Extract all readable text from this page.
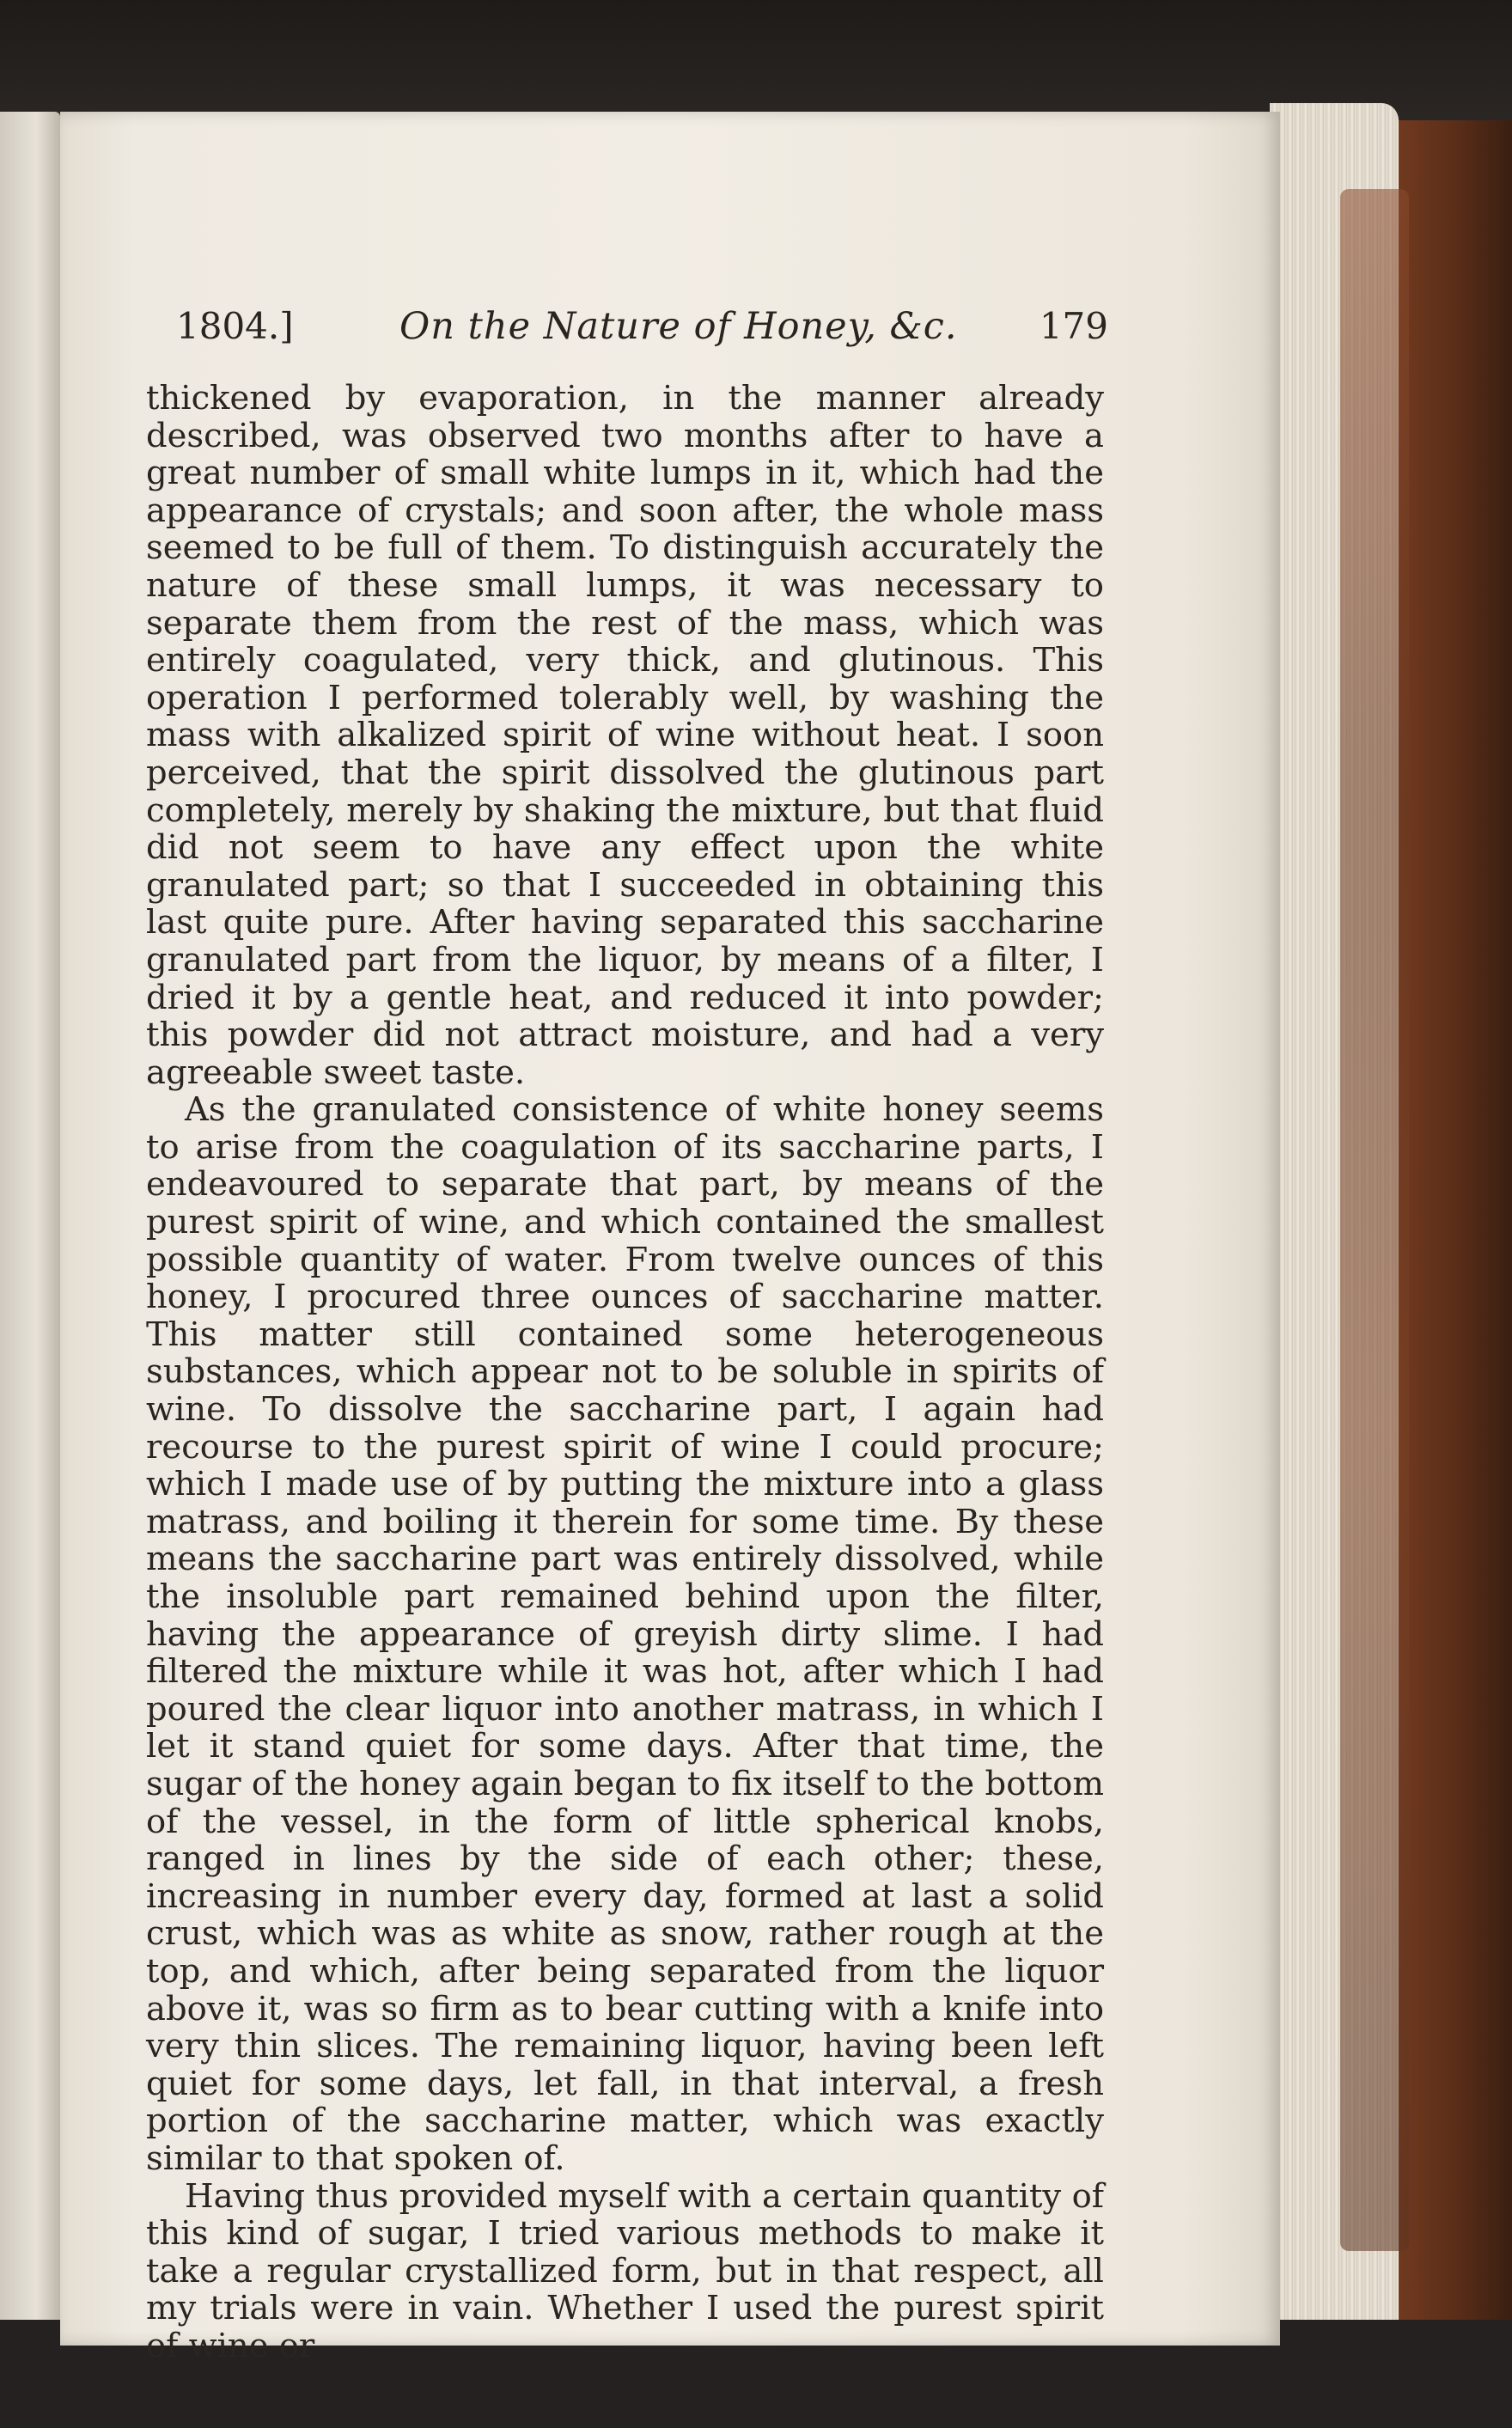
1804.]	On the Nature of Honey, &c. 179

thickened by evaporation, in the manner already described, was observed two months after to have a great number of small white lumps in it, which had the appearance of crystals; and soon after, the whole mass seemed to be full of them. To distinguish accurately the nature of these small lumps, it was necessary to separate them from the rest of the mass, which was entirely coagulated, very thick, and glutinous. This operation I performed tolerably well, by washing the mass with alkalized spirit of wine without heat. I soon perceived, that the spirit dissolved the glutinous part completely, merely by shaking the mixture, but that fluid did not seem to have any effect upon the white granulated part; so that I succeeded in obtaining this last quite pure. After having separated this saccharine granulated part from the liquor, by means of a filter, I dried it by a gentle heat, and reduced it into powder; this powder did not attract moisture, and had a very agreeable sweet taste.

As the granulated consistence of white honey seems to arise from the coagulation of its saccharine parts, I endeavoured to separate that part, by means of the purest spirit of wine, and which contained the smallest possible quantity of water. From twelve ounces of this honey, I procured three ounces of saccharine matter. This matter still contained some heterogeneous substances, which appear not to be soluble in spirits of wine. To dissolve the saccharine part, I again had recourse to the purest spirit of wine I could procure; which I made use of by putting the mixture into a glass matrass, and boiling it therein for some time. By these means the saccharine part was entirely dissolved, while the insoluble part remained behind upon the filter, having the appearance of greyish dirty slime. I had filtered the mixture while it was hot, after which I had poured the clear liquor into another matrass, in which I let it stand quiet for some days. After that time, the sugar of the honey again began to fix itself to the bottom of the vessel, in the form of little spherical knobs, ranged in lines by the side of each other; these, increasing in number every day, formed at last a solid crust, which was as white as snow, rather rough at the top, and which, after being separated from the liquor above it, was so firm as to bear cutting with a knife into very thin slices. The remaining liquor, having been left quiet for some days, let fall, in that interval, a fresh portion of the saccharine matter, which was exactly similar to that spoken of.

Having thus provided myself with a certain quantity of this kind of sugar, I tried various methods to make it take a regular crystallized form, but in that respect, all my trials were in vain. Whether I used the purest spirit of wine or
